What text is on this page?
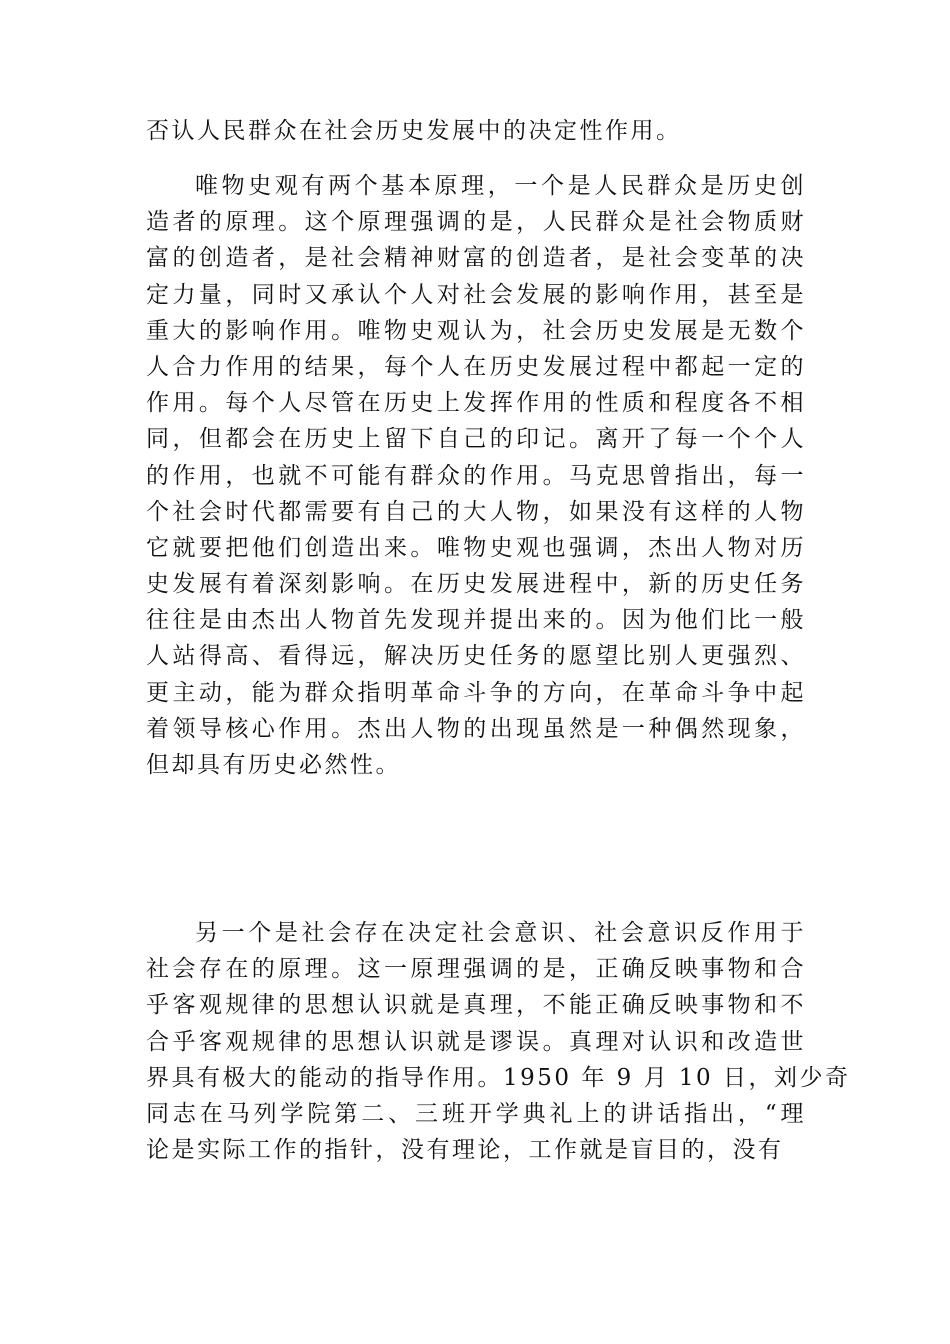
否认人民群众在社会历史发展中的决定性作用。
唯物史观有两个基本原理，一个是人民群众是历史创
造者的原理。这个原理强调的是，人民群众是社会物质财
富的创造者，是社会精神财富的创造者，是社会变革的决
定力量，同时又承认个人对社会发展的影响作用，甚至是
重大的影响作用。唯物史观认为，社会历史发展是无数个
人合力作用的结果，每个人在历史发展过程中都起一定的
作用。每个人尽管在历史上发挥作用的性质和程度各不相
同，但都会在历史上留下自己的印记。离开了每一个个人
的作用，也就不可能有群众的作用。马克思曾指出，每一
个社会时代都需要有自己的大人物，如果没有这样的人物
它就要把他们创造出来。唯物史观也强调，杰出人物对历
史发展有着深刻影响。在历史发展进程中，新的历史任务
往往是由杰出人物首先发现并提出来的。因为他们比一般
人站得高、看得远，解决历史任务的愿望比别人更强烈、
更主动，能为群众指明革命斗争的方向，在革命斗争中起
着领导核心作用。杰出人物的出现虽然是一种偶然现象，
但却具有历史必然性。
另一个是社会存在决定社会意识、社会意识反作用于
社会存在的原理。这一原理强调的是，正确反映事物和合
乎客观规律的思想认识就是真理，不能正确反映事物和不
合乎客观规律的思想认识就是谬误。真理对认识和改造世
界具有极大的能动的指导作用。1950 年 9 月 10 日，刘少奇
同志在马列学院第二、三班开学典礼上的讲话指出，“理
论是实际工作的指针，没有理论，工作就是盲目的，没有
